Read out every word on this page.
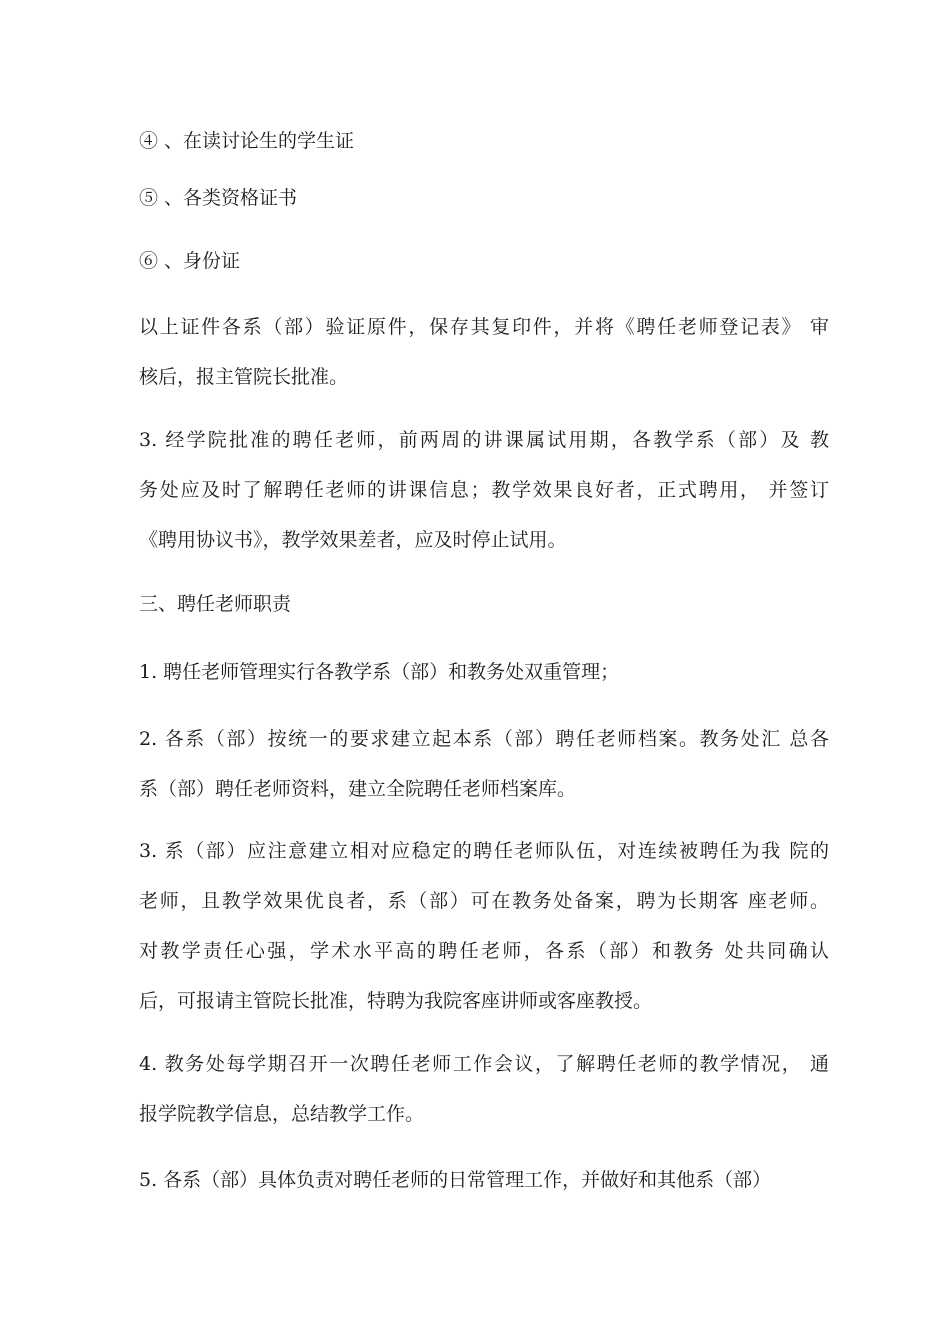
④ 、在读讨论生的学生证
⑤ 、各类资格证书
⑥ 、身份证
以上证件各系（部）验证原件，保存其复印件，并将《聘任老师登记表》 审
核后，报主管院长批准。
3. 经学院批准的聘任老师，前两周的讲课属试用期，各教学系（部）及 教
务处应及时了解聘任老师的讲课信息；教学效果良好者，正式聘用， 并签订
《聘用协议书》，教学效果差者，应及时停止试用。
三、聘任老师职责
1. 聘任老师管理实行各教学系（部）和教务处双重管理；
2. 各系（部）按统一的要求建立起本系（部）聘任老师档案。教务处汇 总各
系（部）聘任老师资料，建立全院聘任老师档案库。
3. 系（部）应注意建立相对应稳定的聘任老师队伍，对连续被聘任为我 院的
老师，且教学效果优良者，系（部）可在教务处备案，聘为长期客 座老师。
对教学责任心强，学术水平高的聘任老师，各系（部）和教务 处共同确认
后，可报请主管院长批准，特聘为我院客座讲师或客座教授。
4. 教务处每学期召开一次聘任老师工作会议，了解聘任老师的教学情况， 通
报学院教学信息，总结教学工作。
5. 各系（部）具体负责对聘任老师的日常管理工作，并做好和其他系（部）
